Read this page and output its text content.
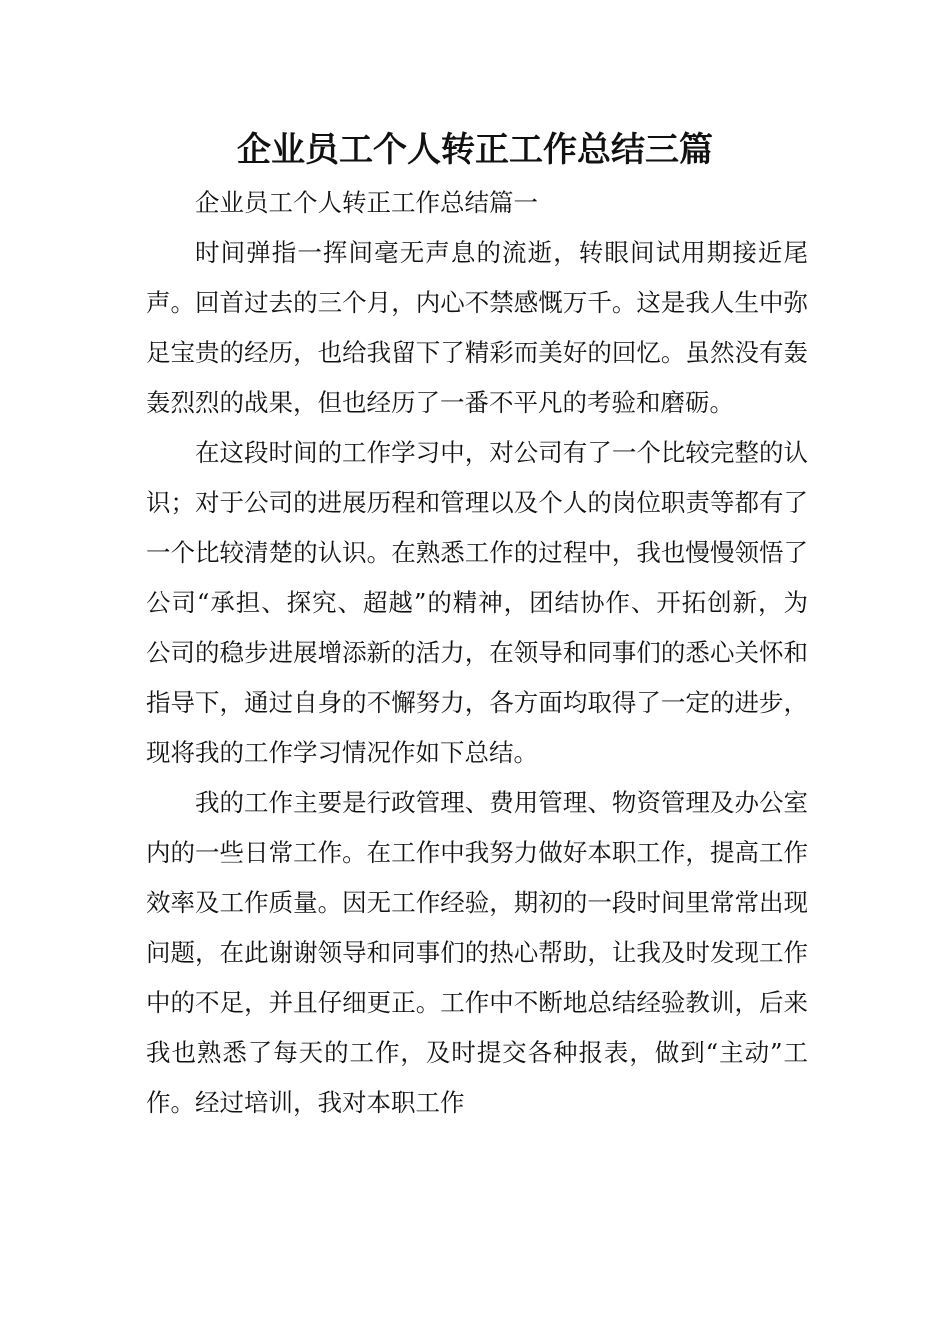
企业员工个人转正工作总结三篇

企业员工个人转正工作总结篇一

时间弹指一挥间毫无声息的流逝，转眼间试用期接近尾声。回首过去的三个月，内心不禁感慨万千。这是我人生中弥足宝贵的经历，也给我留下了精彩而美好的回忆。虽然没有轰轰烈烈的战果，但也经历了一番不平凡的考验和磨砺。

在这段时间的工作学习中，对公司有了一个比较完整的认识；对于公司的进展历程和管理以及个人的岗位职责等都有了一个比较清楚的认识。在熟悉工作的过程中，我也慢慢领悟了公司“承担、探究、超越”的精神，团结协作、开拓创新，为公司的稳步进展增添新的活力，在领导和同事们的悉心关怀和指导下，通过自身的不懈努力，各方面均取得了一定的进步，现将我的工作学习情况作如下总结。

我的工作主要是行政管理、费用管理、物资管理及办公室内的一些日常工作。在工作中我努力做好本职工作，提高工作效率及工作质量。因无工作经验，期初的一段时间里常常出现问题，在此谢谢领导和同事们的热心帮助，让我及时发现工作中的不足，并且仔细更正。工作中不断地总结经验教训，后来我也熟悉了每天的工作，及时提交各种报表，做到“主动”工作。经过培训，我对本职工作
